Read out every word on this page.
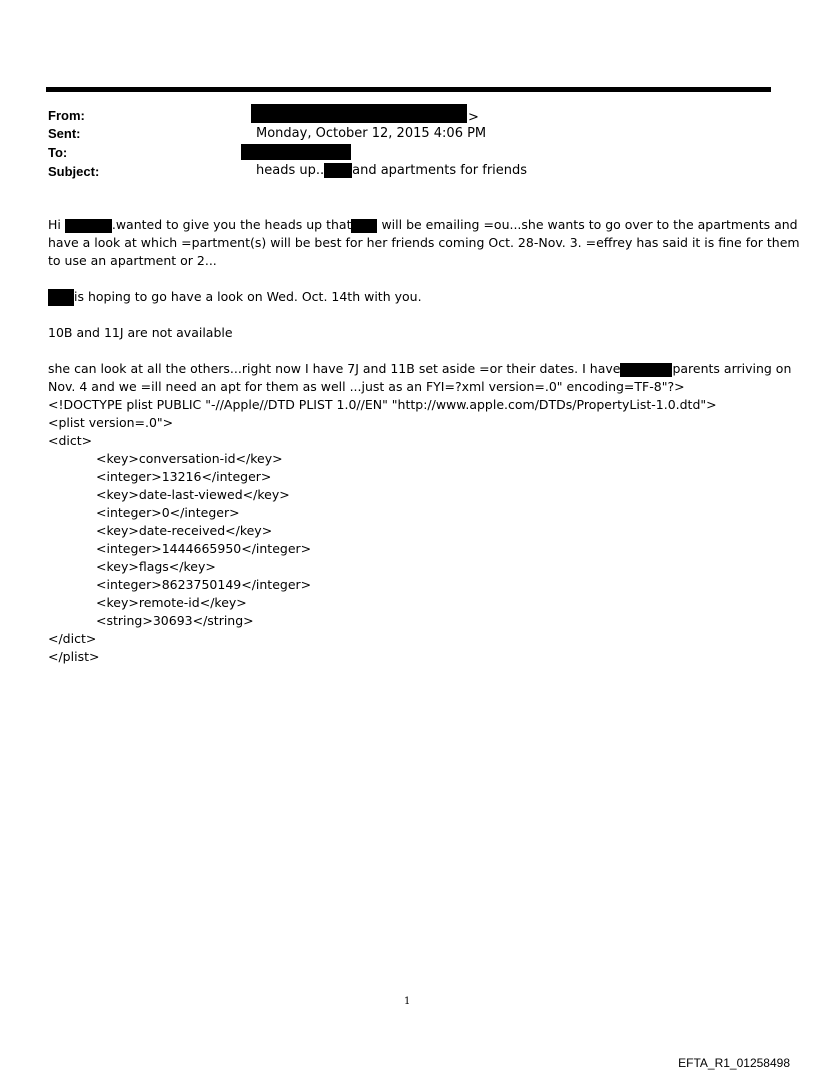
From:	>
Sent:	Monday, October 12, 2015 4:06 PM
To:
Subject:	heads up.. and apartments for friends
Hi	.wanted to give you the heads up that will be emailing =ou...she wants to go over to the apartments and
have a look at which =partment(s) will be best for her friends coming Oct. 28-Nov. 3. =effrey has said it is fine for them
to use an apartment or 2...
is hoping to go have a look on Wed. Oct. 14th with you.
10B and 11J are not available
she can look at all the others...right now I have 7J and 11B set aside =or their dates. I have	parents arriving on
Nov. 4 and we =ill need an apt for them as well ...just as an FYI=?xml version=.0" encoding=TF-8"?>
<!DOCTYPE plist PUBLIC "-//Apple//DTD PLIST 1.0//EN" "http://www.apple.com/DTDs/PropertyList-1.0.dtd">
<plist version=.0">
<dict>
<key>conversation-id</key>
<integer>13216</integer>
<key>date-last-viewed</key>
<integer>0</integer>
<key>date-received</key>
<integer>1444665950</integer>
<key>flags</key>
<integer>8623750149</integer>
<key>remote-id</key>
<string>30693</string>
</dict>
</plist>
1
EFTA_R1_01258498
